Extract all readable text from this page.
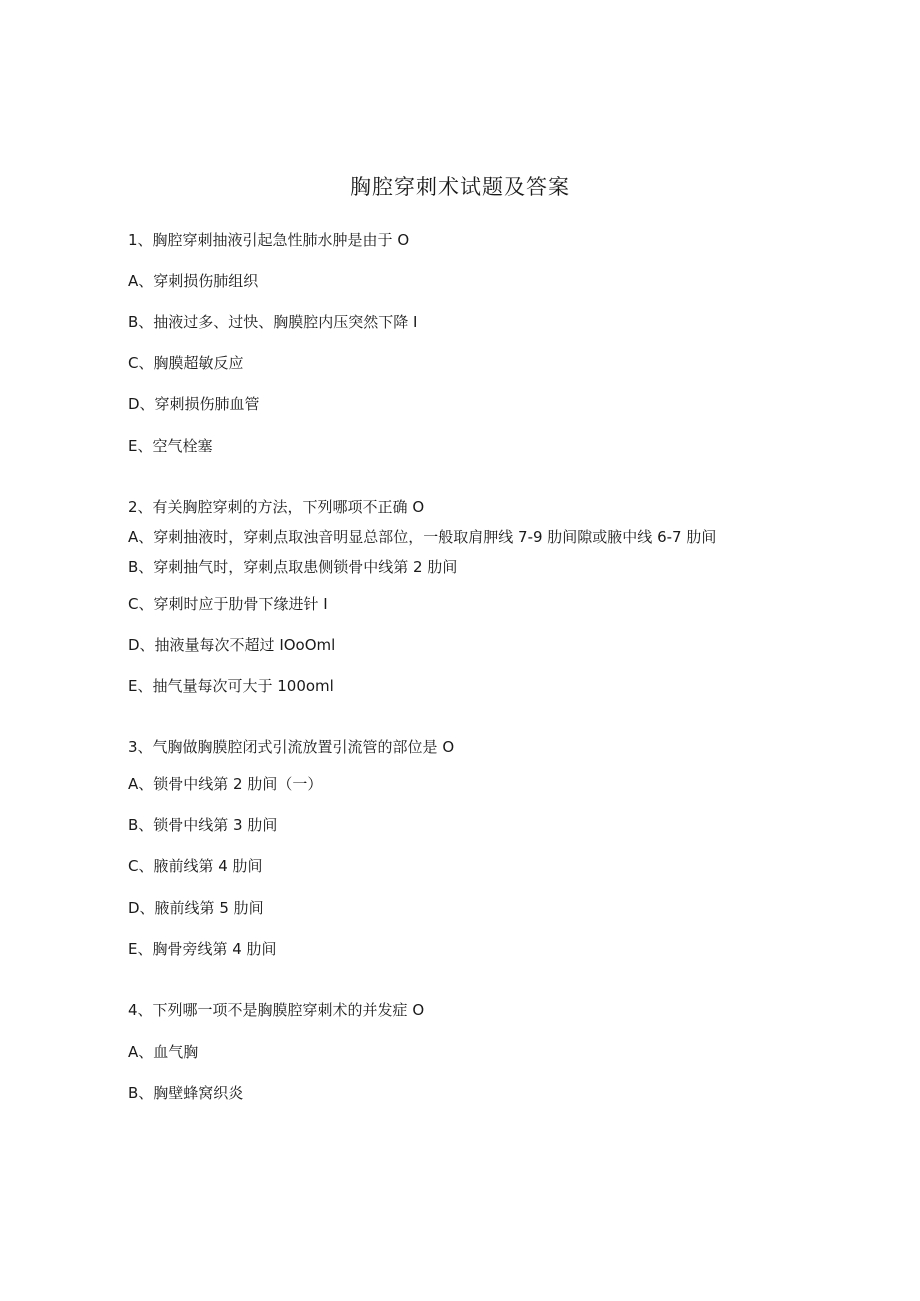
胸腔穿刺术试题及答案
1、胸腔穿刺抽液引起急性肺水肿是由于 O
A、穿刺损伤肺组织
B、抽液过多、过快、胸膜腔内压突然下降 I
C、胸膜超敏反应
D、穿刺损伤肺血管
E、空气栓塞
2、有关胸腔穿刺的方法，下列哪项不正确 O
A、穿刺抽液时，穿刺点取浊音明显总部位，一般取肩胛线 7-9 肋间隙或腋中线 6-7 肋间
B、穿刺抽气时，穿刺点取患侧锁骨中线第 2 肋间
C、穿刺时应于肋骨下缘进针 I
D、抽液量每次不超过 IOoOml
E、抽气量每次可大于 100oml
3、气胸做胸膜腔闭式引流放置引流管的部位是 O
A、锁骨中线第 2 肋间（一）
B、锁骨中线第 3 肋间
C、腋前线第 4 肋间
D、腋前线第 5 肋间
E、胸骨旁线第 4 肋间
4、下列哪一项不是胸膜腔穿刺术的并发症 O
A、血气胸
B、胸壁蜂窝织炎
